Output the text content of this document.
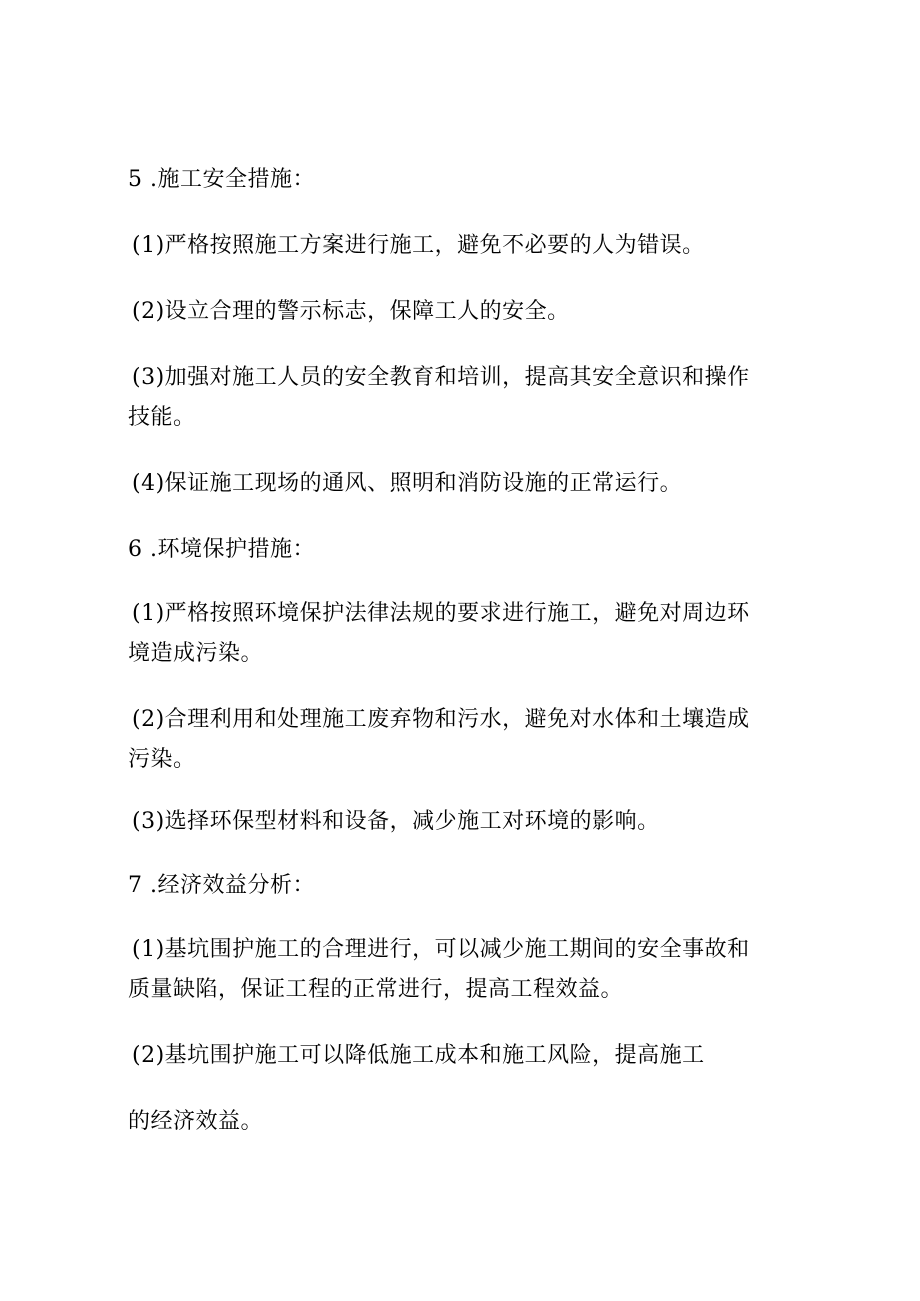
5 .施工安全措施：
(1)严格按照施工方案进行施工，避免不必要的人为错误。
(2)设立合理的警示标志，保障工人的安全。
(3)加强对施工人员的安全教育和培训，提高其安全意识和操作
技能。
(4)保证施工现场的通风、照明和消防设施的正常运行。
6 .环境保护措施：
(1)严格按照环境保护法律法规的要求进行施工，避免对周边环
境造成污染。
(2)合理利用和处理施工废弃物和污水，避免对水体和土壤造成
污染。
(3)选择环保型材料和设备，减少施工对环境的影响。
7 .经济效益分析：
(1)基坑围护施工的合理进行，可以减少施工期间的安全事故和
质量缺陷，保证工程的正常进行，提高工程效益。
(2)基坑围护施工可以降低施工成本和施工风险，提高施工
的经济效益。
